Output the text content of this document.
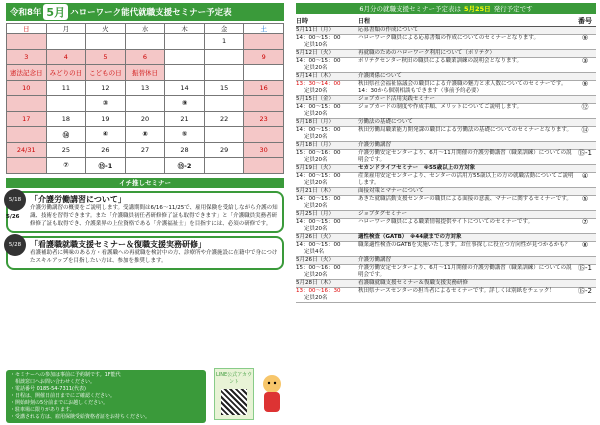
令和8年 5月 ハローワーク能代就職支援セミナー予定表
日	月	火	水	木	金	土
					1	
3	4	5	6			9
憲法記念日	みどりの日	こどもの日	振替休日			
10	11	12	13	14	15	16
		③		⑨		
17	18	19	20	21	22	23
	⑭	④	⑧	⑤		
24/31	25	26	27	28	29	30
	⑦	⑮-1		⑮-2		
イチ推しセミナー
5/18	「介護労働講習について」
介護労働講習の概要をご説明します。受講期間は6/16～11/25で、雇用保険を受給しながら介護の知識、技術を習得できます。また「介護職員初任者研修修了証も取得できます」と「介護職員実務者研修修了証も取得でき、介護業界の上位資格である「介護福祉士」を目指すには、必須の研修です。
5/26
5/28	「看護職就職支援セミナー＆復職支援実務研修」
看護補助者に興味のある方・看護職への再就職を検討中の方、診療所や介護施設に在籍中で身につけたスキルアップを目指したい方は、参加を推奨します。
・セミナーへの参加は事前に予約制です。1F能代
　相談窓口へお問い合わせください。
・電話番号 0185-54-7311(代表)
・日程は、開催日前日までにご確認ください。
・開始時刻の5分前までにお越しください。
・駐車場に限りがあります。
・受講される方は、雇用保険受給資格者証をお持ちください。
LINE公式アカウント
6月分の就職支援セミナー予定表は 5月25日 発行予定です
日時	日程	番号
5月11日（月）	応募書類の作成について
14：00～15：00
定員10名
ハローワーク職員による応募書類の作成についてのセミナーとなります。	⑨
5月12日（火）	再就職のためのハローワーク利用について（ポリテク）
14：00～15：00
定員20名
ポリテクセンター秋田の職員による職業訓練の説明会となります。	③
5月14日（木）	介護関係について
13：30～14：00
定員20名
秋田県社会福祉協議会の職員による介護職の魅力と求人数についてのセミナーです。14：30から個別相談もできます（事前予約必要）
⑨
5月15日（金）	ジョブカード活用実践セミナー
14：00～15：00
定員20名
ジョブカードの制度や作成手順、メリットについてご説明します。	⑫
5月18日（月）	労働法の基礎について
14：00～15：00
定員20名
秋田労働局職業能力開発課の職員による労働法の基礎についてのセミナーとなります。	⑭
5月18日（月）	介護労働講習
15：00～16：00
定員20名
介護労働安定センターより、6月～11月開催の介護労働講習（職業訓練）についての説明会です。
⑮-1
5月19日（火）	セカンドライフセミナー　※55歳以上の方対象
14：00～15：00
定員20名
産業雇用安定センターより、センターの活用方55歳以上の方の就職活動についてご説明します。
④
5月21日（木）	面接対策とマナーについて
14：00～15：00
定員20名
あきた就職活動支援センターの職員による面接の意義、マナーに関するセミナーです。	⑤
5月25日（月）	ジョブタグセミナー
14：00～15：00
定員20名
ハローワーク職員による職業情報提供サイトについてのセミナーです。	⑦
5月26日（火）	適性検査（GATB）　※44歳までの方対象
14：00～15：00
定員4名
職業適性検査のGATBを実施いたします。お仕事探しに役立つ方向性が見つかるかも？	⑧
5月26日（火）	介護労働講習
15：00～16：00
定員20名
介護労働安定センターより、6月～11月開催の介護労働講習（職業訓練）についての説明会です。
⑮-1
5月28日（木）	看護職就職支援セミナー＆復職支援実務研修
13：00～16：30
定員20名
秋田県ナースセンターの担当者によるセミナーです。詳しくは別紙をチェック！	⑮-2
